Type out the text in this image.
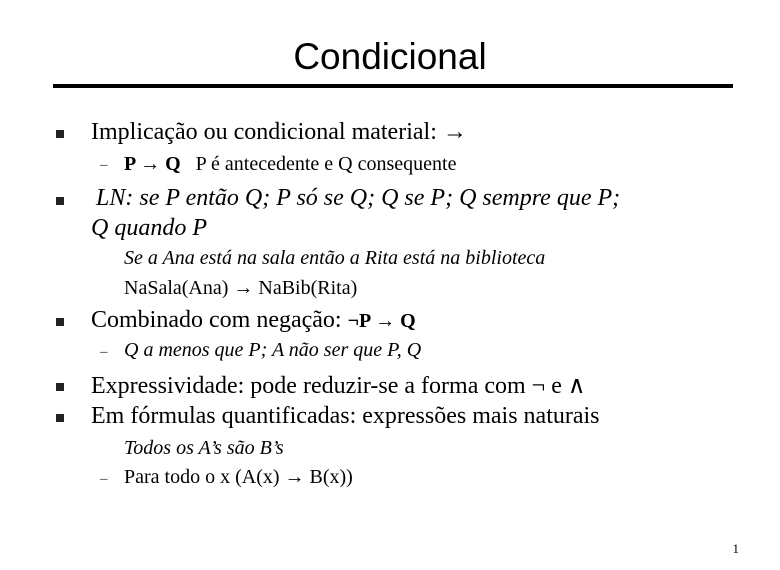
Condicional
Implicação ou condicional material: →
– P → Q P é antecedente e Q consequente
LN: se P então Q; P só se Q; Q se P; Q sempre que P;
Q quando P
Se a Ana está na sala então a Rita está na biblioteca
NaSala(Ana) → NaBib(Rita)
Combinado com negação: ¬P → Q
– Q a menos que P; A não ser que P, Q
Expressividade: pode reduzir-se a forma com ¬ e ∧
Em fórmulas quantificadas: expressões mais naturais
Todos os A’s são B’s
– Para todo o x (A(x) → B(x))
1
